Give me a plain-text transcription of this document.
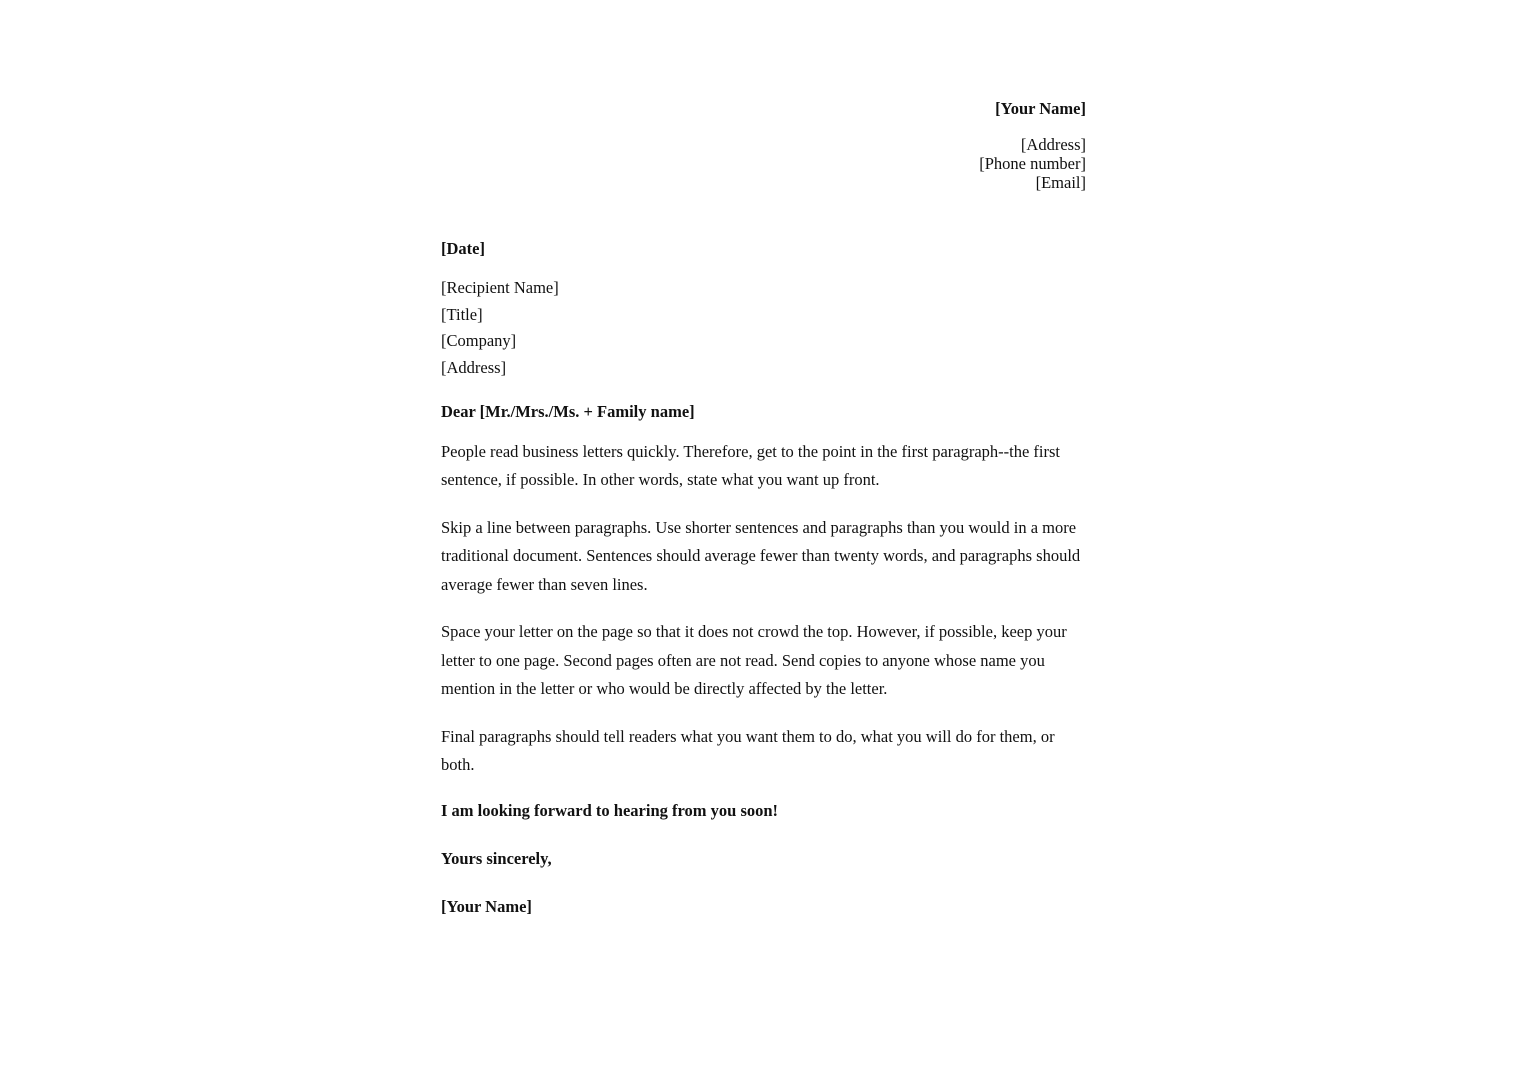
[Your Name]
[Address]
[Phone number]
[Email]
[Date]
[Recipient Name]
[Title]
[Company]
[Address]
Dear [Mr./Mrs./Ms. + Family name]

People read business letters quickly. Therefore, get to the point in the first paragraph--the first sentence, if possible. In other words, state what you want up front.

Skip a line between paragraphs. Use shorter sentences and paragraphs than you would in a more traditional document. Sentences should average fewer than twenty words, and paragraphs should average fewer than seven lines.

Space your letter on the page so that it does not crowd the top. However, if possible, keep your letter to one page. Second pages often are not read. Send copies to anyone whose name you mention in the letter or who would be directly affected by the letter.

Final paragraphs should tell readers what you want them to do, what you will do for them, or both.

I am looking forward to hearing from you soon!
Yours sincerely,
[Your Name]
